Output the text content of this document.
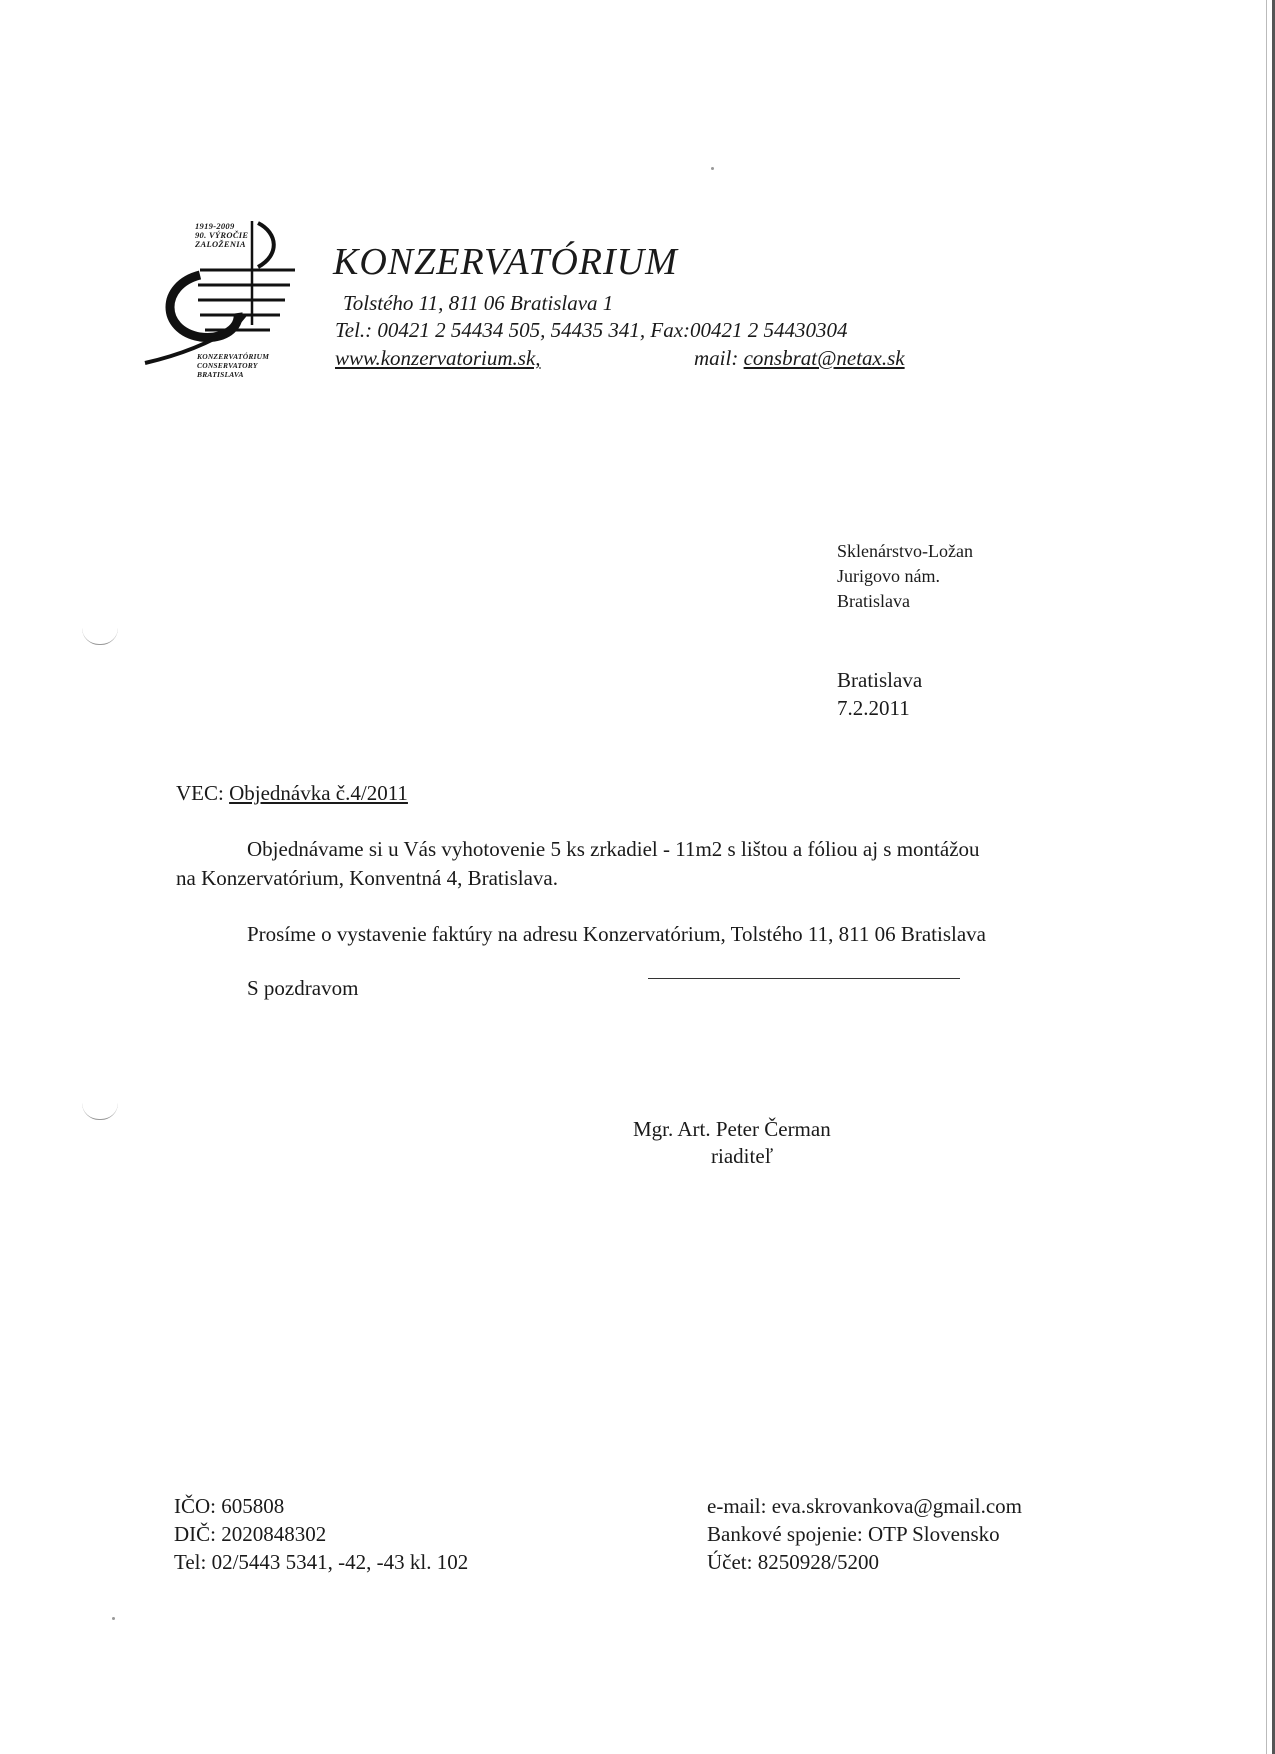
1919-2009
90. VÝROČIE
ZALOŽENIA
KONZERVATÓRIUM
CONSERVATORY
BRATISLAVA
KONZERVATÓRIUM
Tolstého 11, 811 06 Bratislava 1
Tel.: 00421 2 54434 505, 54435 341, Fax:00421 2 54430304
www.konzervatorium.sk,	mail: consbrat@netax.sk
Sklenárstvo-Ložan
Jurigovo nám.
Bratislava
Bratislava
7.2.2011
VEC: Objednávka č.4/2011
Objednávame si u Vás vyhotovenie 5 ks zrkadiel - 11m2 s lištou a fóliou aj s montážou
na Konzervatórium, Konventná 4, Bratislava.
Prosíme o vystavenie faktúry na adresu Konzervatórium, Tolstého 11, 811 06 Bratislava
S pozdravom
Mgr. Art. Peter Čerman
riaditeľ
IČO: 605808
DIČ: 2020848302
Tel: 02/5443 5341, -42, -43 kl. 102
e-mail: eva.skrovankova@gmail.com
Bankové spojenie: OTP Slovensko
Účet: 8250928/5200
